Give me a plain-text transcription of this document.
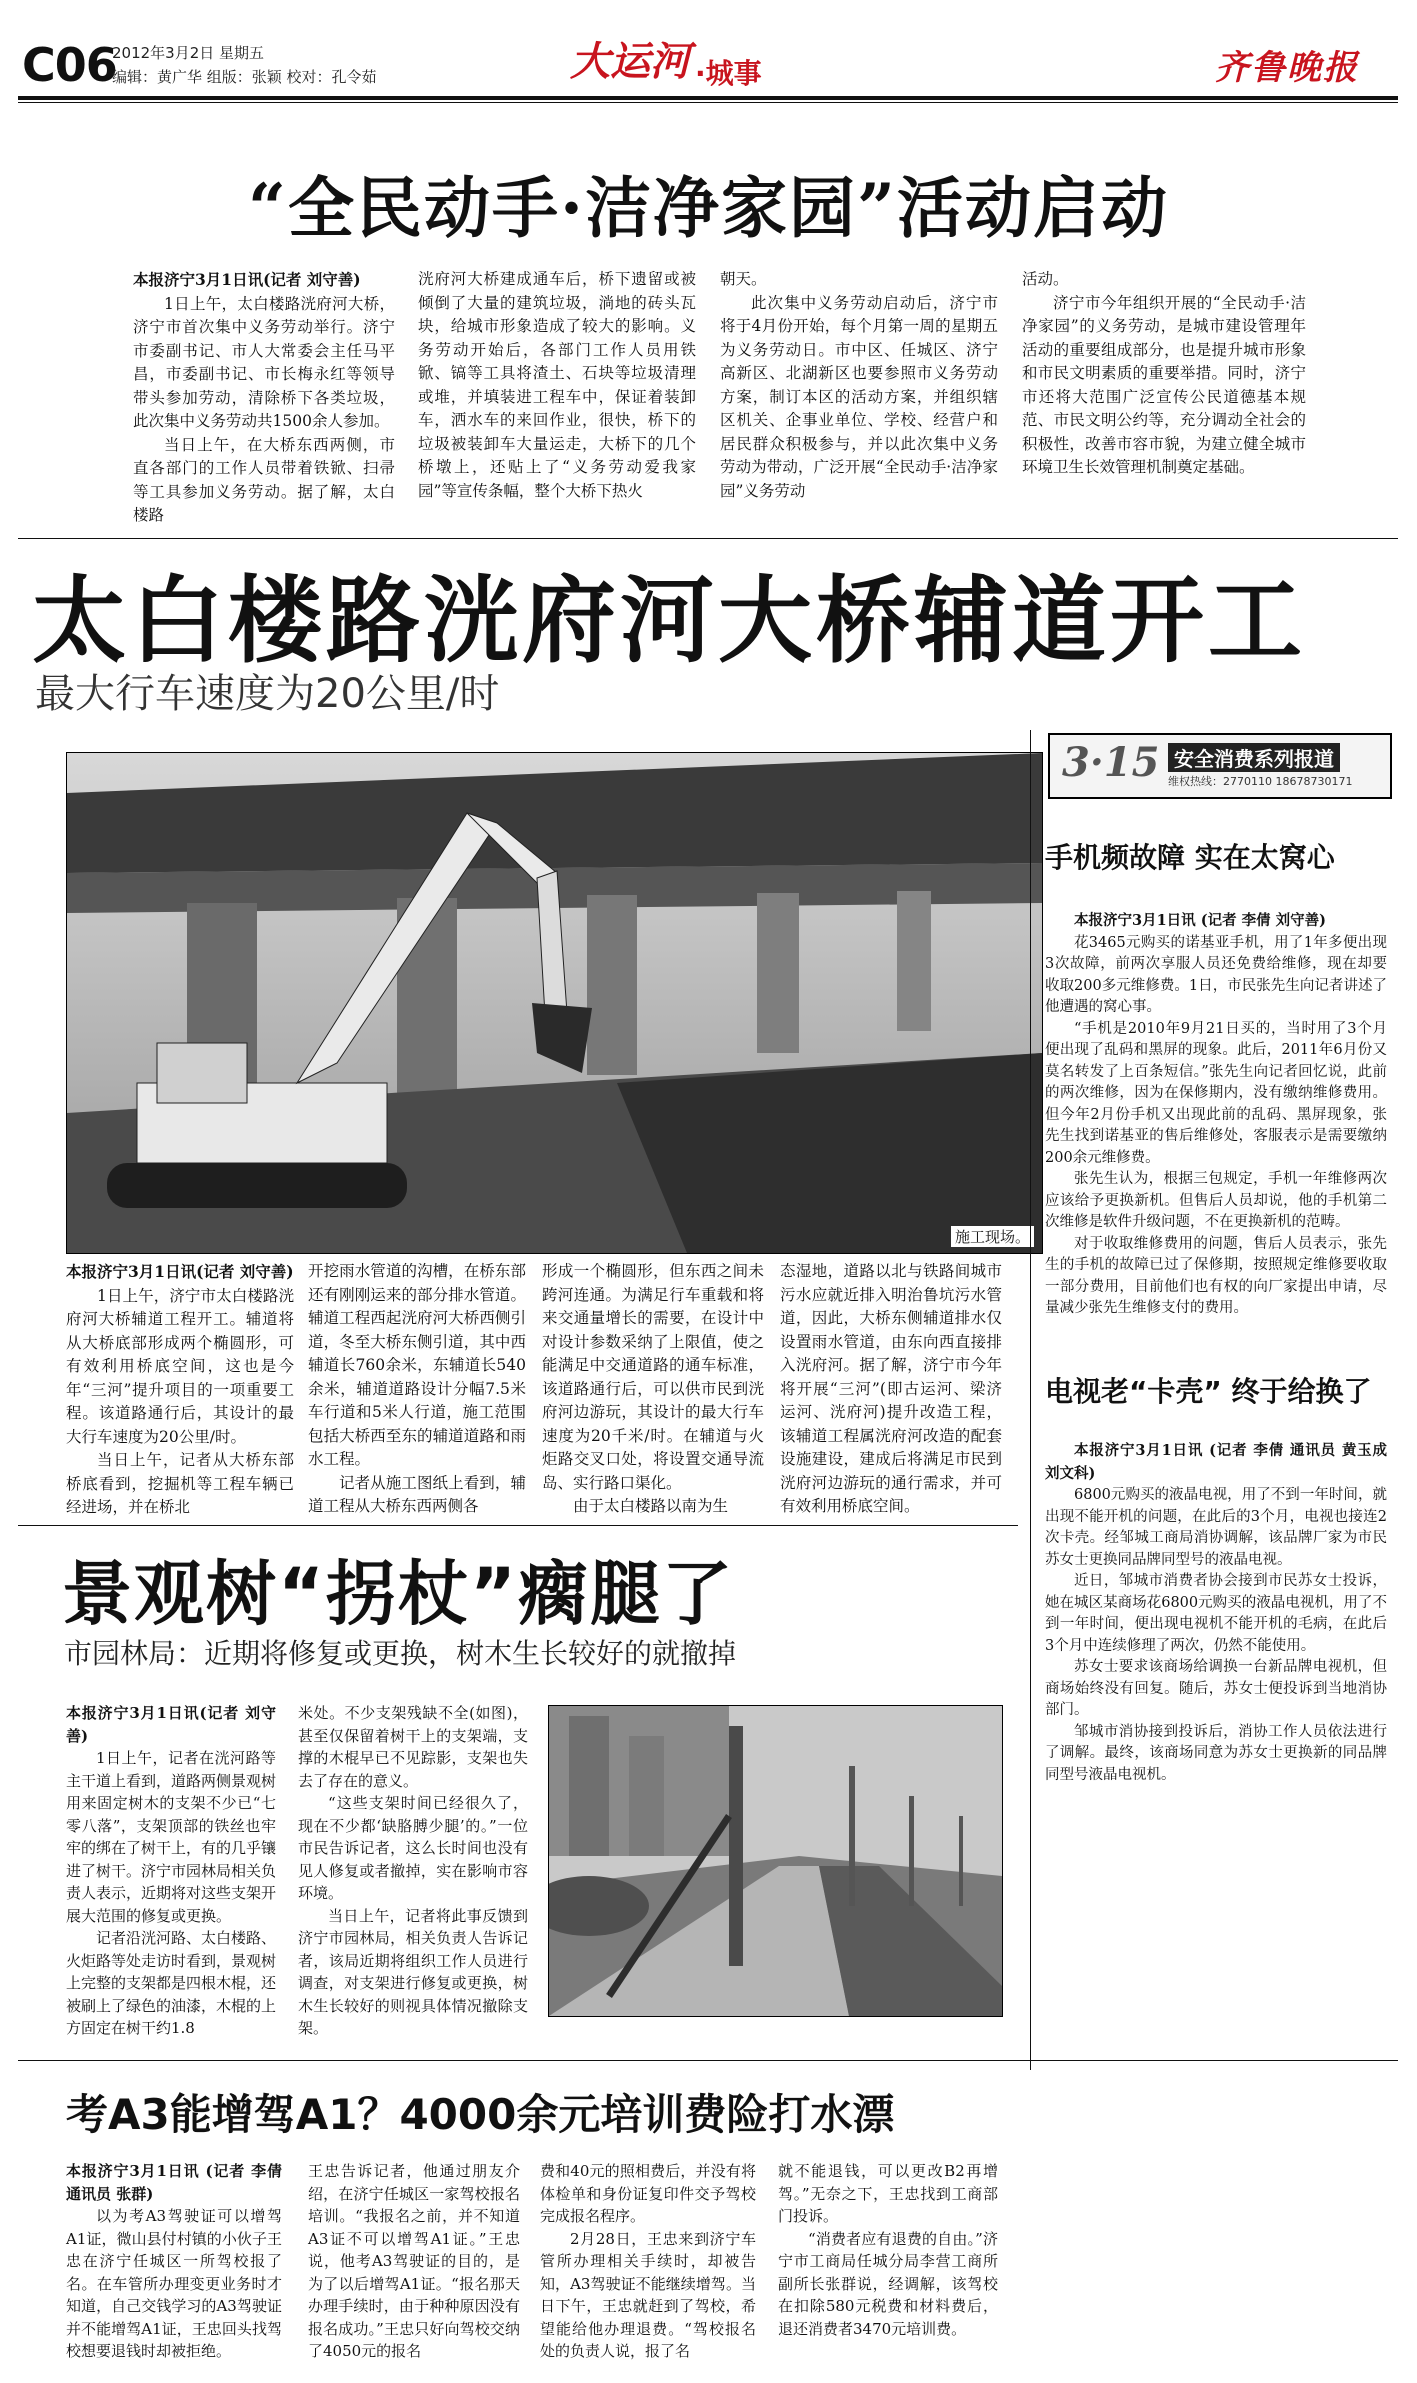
C06
2012年3月2日 星期五
编辑：黄广华 组版：张颖 校对：孔令茹	大运河 ·城事	齐鲁晚报
“全民动手·洁净家园”活动启动

本报济宁3月1日讯(记者 刘守善)

1日上午，太白楼路洸府河大桥，济宁市首次集中义务劳动举行。济宁市委副书记、市人大常委会主任马平昌，市委副书记、市长梅永红等领导带头参加劳动，清除桥下各类垃圾，此次集中义务劳动共1500余人参加。

当日上午，在大桥东西两侧，市直各部门的工作人员带着铁锨、扫帚等工具参加义务劳动。据了解，太白楼路

洸府河大桥建成通车后，桥下遗留或被倾倒了大量的建筑垃圾，淌地的砖头瓦块，给城市形象造成了较大的影响。义务劳动开始后，各部门工作人员用铁锨、镐等工具将渣土、石块等垃圾清理或堆，并填装进工程车中，保证着装卸车，洒水车的来回作业，很快，桥下的垃圾被装卸车大量运走，大桥下的几个桥墩上，还贴上了“义务劳动爱我家园”等宣传条幅，整个大桥下热火

朝天。

此次集中义务劳动启动后，济宁市将于4月份开始，每个月第一周的星期五为义务劳动日。市中区、任城区、济宁高新区、北湖新区也要参照市义务劳动方案，制订本区的活动方案，并组织辖区机关、企事业单位、学校、经营户和居民群众积极参与，并以此次集中义务劳动为带动，广泛开展“全民动手·洁净家园”义务劳动

活动。

济宁市今年组织开展的“全民动手·洁净家园”的义务劳动，是城市建设管理年活动的重要组成部分，也是提升城市形象和市民文明素质的重要举措。同时，济宁市还将大范围广泛宣传公民道德基本规范、市民文明公约等，充分调动全社会的积极性，改善市容市貌，为建立健全城市环境卫生长效管理机制奠定基础。

太白楼路洸府河大桥辅道开工
最大行车速度为20公里/时
施工现场。

本报济宁3月1日讯(记者 刘守善)

1日上午，济宁市太白楼路洸府河大桥辅道工程开工。辅道将从大桥底部形成两个椭圆形，可有效利用桥底空间，这也是今年“三河”提升项目的一项重要工程。该道路通行后，其设计的最大行车速度为20公里/时。

当日上午，记者从大桥东部桥底看到，挖掘机等工程车辆已经进场，并在桥北

开挖雨水管道的沟槽，在桥东部还有刚刚运来的部分排水管道。辅道工程西起洸府河大桥西侧引道，冬至大桥东侧引道，其中西辅道长760余米，东辅道长540余米，辅道道路设计分幅7.5米车行道和5米人行道，施工范围包括大桥西至东的辅道道路和雨水工程。

记者从施工图纸上看到，辅道工程从大桥东西两侧各

形成一个椭圆形，但东西之间未跨河连通。为满足行车重载和将来交通量增长的需要，在设计中对设计参数采纳了上限值，使之能满足中交通道路的通车标准，该道路通行后，可以供市民到洸府河边游玩，其设计的最大行车速度为20千米/时。在辅道与火炬路交叉口处，将设置交通导流岛、实行路口渠化。

由于太白楼路以南为生

态湿地，道路以北与铁路间城市污水应就近排入明治鲁坑污水管道，因此，大桥东侧辅道排水仅设置雨水管道，由东向西直接排入洸府河。据了解，济宁市今年将开展“三河”(即古运河、梁济运河、洸府河)提升改造工程，该辅道工程属洸府河改造的配套设施建设，建成后将满足市民到洸府河边游玩的通行需求，并可有效利用桥底空间。

3·15 安全消费系列报道
维权热线：2770110 18678730171
手机频故障 实在太窝心

本报济宁3月1日讯 (记者 李倩 刘守善)

花3465元购买的诺基亚手机，用了1年多便出现3次故障，前两次享服人员还免费给维修，现在却要收取200多元维修费。1日，市民张先生向记者讲述了他遭遇的窝心事。

“手机是2010年9月21日买的，当时用了3个月便出现了乱码和黑屏的现象。此后，2011年6月份又莫名转发了上百条短信。”张先生向记者回忆说，此前的两次维修，因为在保修期内，没有缴纳维修费用。但今年2月份手机又出现此前的乱码、黑屏现象，张先生找到诺基亚的售后维修处，客服表示是需要缴纳200余元维修费。

张先生认为，根据三包规定，手机一年维修两次应该给予更换新机。但售后人员却说，他的手机第二次维修是软件升级问题，不在更换新机的范畴。

对于收取维修费用的问题，售后人员表示，张先生的手机的故障已过了保修期，按照规定维修要收取一部分费用，目前他们也有权的向厂家提出申请，尽量减少张先生维修支付的费用。

电视老“卡壳” 终于给换了

本报济宁3月1日讯 (记者 李倩 通讯员 黄玉成 刘文科)

6800元购买的液晶电视，用了不到一年时间，就出现不能开机的问题，在此后的3个月，电视也接连2次卡壳。经邹城工商局消协调解，该品牌厂家为市民苏女士更换同品牌同型号的液晶电视。

近日，邹城市消费者协会接到市民苏女士投诉，她在城区某商场花6800元购买的液晶电视机，用了不到一年时间，便出现电视机不能开机的毛病，在此后3个月中连续修理了两次，仍然不能使用。

苏女士要求该商场给调换一台新品牌电视机，但商场始终没有回复。随后，苏女士便投诉到当地消协部门。

邹城市消协接到投诉后，消协工作人员依法进行了调解。最终，该商场同意为苏女士更换新的同品牌同型号液晶电视机。

景观树“拐杖”瘸腿了
市园林局：近期将修复或更换，树木生长较好的就撤掉

本报济宁3月1日讯(记者 刘守善)

1日上午，记者在洸河路等主干道上看到，道路两侧景观树用来固定树木的支架不少已“七零八落”，支架顶部的铁丝也牢牢的绑在了树干上，有的几乎镶进了树干。济宁市园林局相关负责人表示，近期将对这些支架开展大范围的修复或更换。

记者沿洸河路、太白楼路、火炬路等处走访时看到，景观树上完整的支架都是四根木棍，还被刷上了绿色的油漆，木棍的上方固定在树干约1.8

米处。不少支架残缺不全(如图)，甚至仅保留着树干上的支架端，支撑的木棍早已不见踪影，支架也失去了存在的意义。

“这些支架时间已经很久了，现在不少都‘缺胳膊少腿’的。”一位市民告诉记者，这么长时间也没有见人修复或者撤掉，实在影响市容环境。

当日上午，记者将此事反馈到济宁市园林局，相关负责人告诉记者，该局近期将组织工作人员进行调查，对支架进行修复或更换，树木生长较好的则视具体情况撤除支架。

考A3能增驾A1？4000余元培训费险打水漂

本报济宁3月1日讯 (记者 李倩 通讯员 张群)

以为考A3驾驶证可以增驾A1证，微山县付村镇的小伙子王忠在济宁任城区一所驾校报了名。在车管所办理变更业务时才知道，自己交钱学习的A3驾驶证并不能增驾A1证，王忠回头找驾校想要退钱时却被拒绝。

王忠告诉记者，他通过朋友介绍，在济宁任城区一家驾校报名培训。“我报名之前，并不知道A3证不可以增驾A1证。”王忠说，他考A3驾驶证的目的，是为了以后增驾A1证。“报名那天办理手续时，由于种种原因没有报名成功。”王忠只好向驾校交纳了4050元的报名

费和40元的照相费后，并没有将体检单和身份证复印件交予驾校完成报名程序。

2月28日，王忠来到济宁车管所办理相关手续时，却被告知，A3驾驶证不能继续增驾。当日下午，王忠就赶到了驾校，希望能给他办理退费。“驾校报名处的负责人说，报了名

就不能退钱，可以更改B2再增驾。”无奈之下，王忠找到工商部门投诉。

“消费者应有退费的自由。”济宁市工商局任城分局李营工商所副所长张群说，经调解，该驾校在扣除580元税费和材料费后，退还消费者3470元培训费。
